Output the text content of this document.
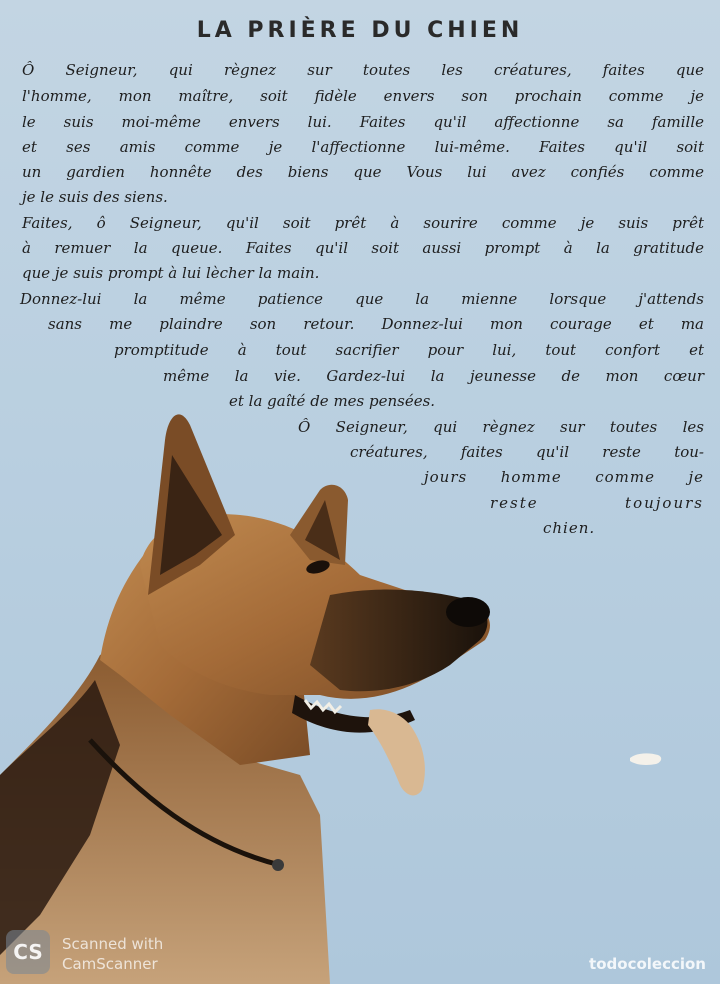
LA PRIÈRE DU CHIEN
Ô Seigneur, qui règnez sur toutes les créatures, faites que
l'homme, mon maître, soit fidèle envers son prochain comme je
le suis moi-même envers lui. Faites qu'il affectionne sa famille
et ses amis comme je l'affectionne lui-même. Faites qu'il soit
un gardien honnête des biens que Vous lui avez confiés comme
je le suis des siens.
Faites, ô Seigneur, qu'il soit prêt à sourire comme je suis prêt
à remuer la queue. Faites qu'il soit aussi prompt à la gratitude
que je suis prompt à lui lècher la main.
Donnez-lui la même patience que la mienne lorsque j'attends
sans me plaindre son retour. Donnez-lui mon courage et ma
promptitude à tout sacrifier pour lui, tout confort et
même la vie. Gardez-lui la jeunesse de mon cœur
et la gaîté de mes pensées.
Ô Seigneur, qui règnez sur toutes les
créatures, faites qu'il reste tou-
jours homme comme je
reste toujours
chien.
CS	Scanned with
CamScanner	todocoleccion
